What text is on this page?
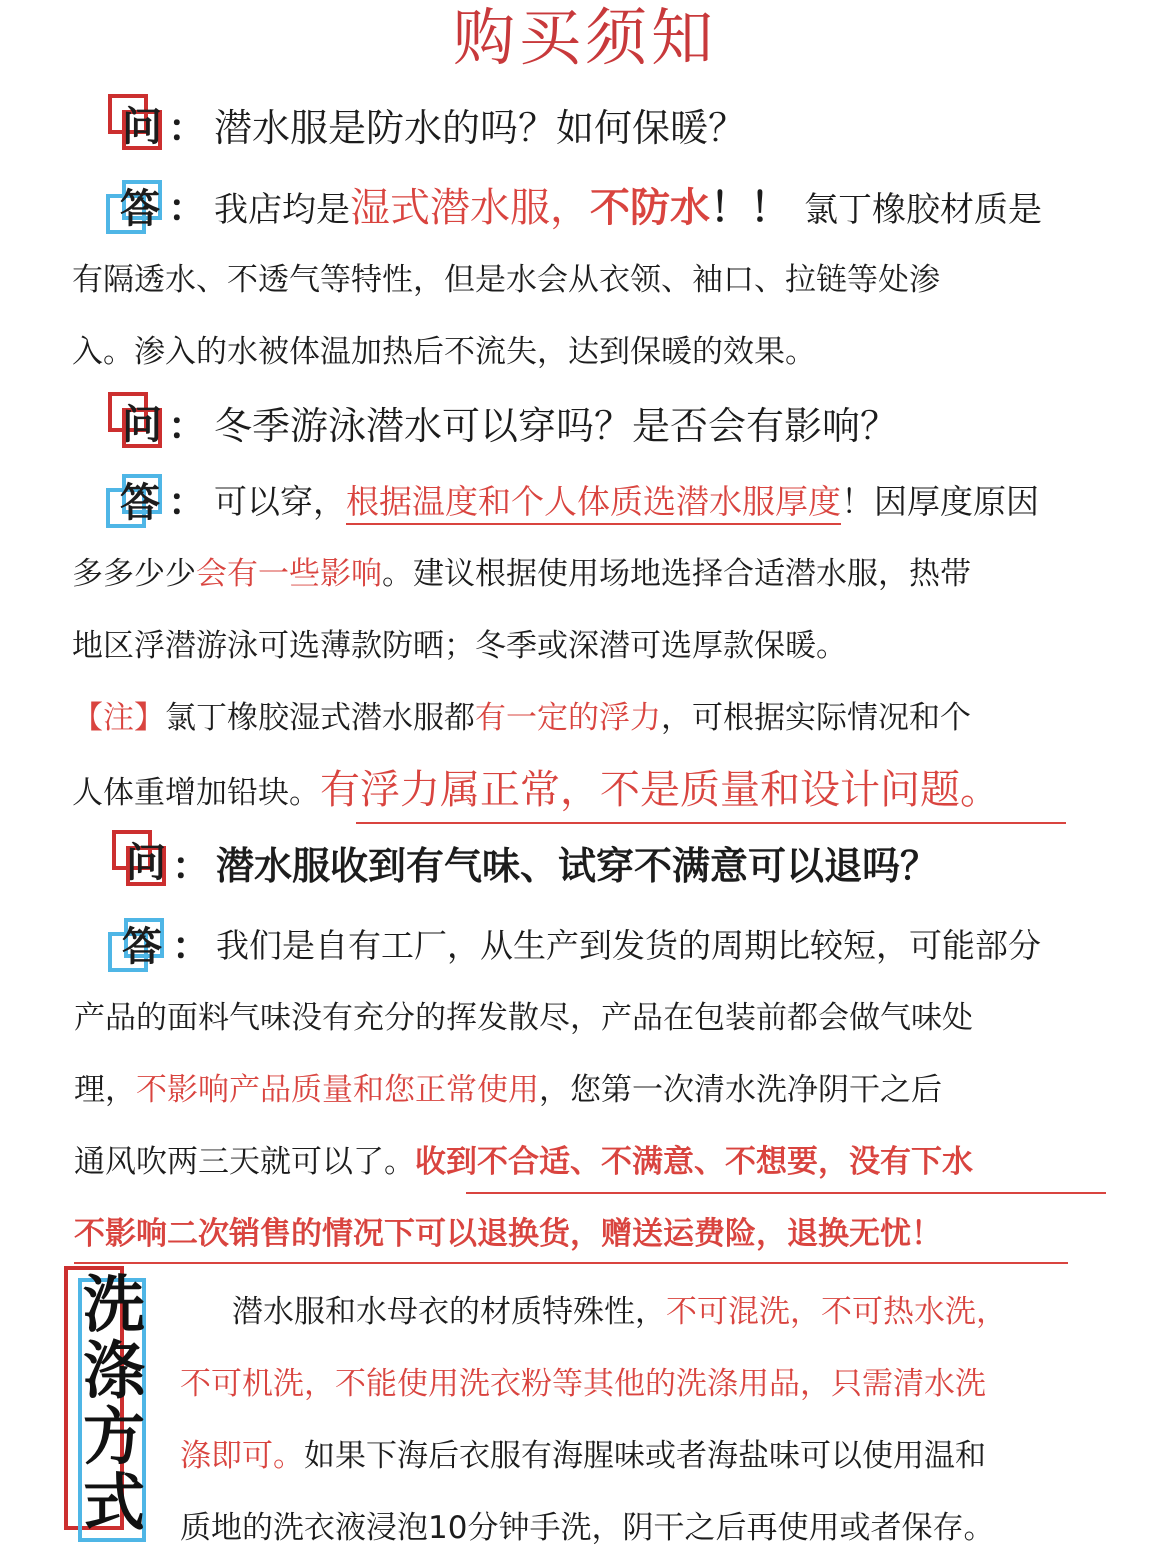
购买须知
问 ： 潜水服是防水的吗？如何保暖？
答 ： 我店均是湿式潜水服，不防水！！ 氯丁橡胶材质是
有隔透水、不透气等特性，但是水会从衣领、袖口、拉链等处渗
入。渗入的水被体温加热后不流失，达到保暖的效果。
问 ： 冬季游泳潜水可以穿吗？是否会有影响？
答 ： 可以穿，根据温度和个人体质选潜水服厚度！因厚度原因
多多少少会有一些影响。建议根据使用场地选择合适潜水服，热带
地区浮潜游泳可选薄款防晒；冬季或深潜可选厚款保暖。
【注】氯丁橡胶湿式潜水服都有一定的浮力，可根据实际情况和个
人体重增加铅块。有浮力属正常，不是质量和设计问题。
问 ： 潜水服收到有气味、试穿不满意可以退吗？
答 ： 我们是自有工厂，从生产到发货的周期比较短，可能部分
产品的面料气味没有充分的挥发散尽，产品在包装前都会做气味处
理，不影响产品质量和您正常使用，您第一次清水洗净阴干之后
通风吹两三天就可以了。收到不合适、不满意、不想要，没有下水
不影响二次销售的情况下可以退换货，赠送运费险，退换无忧！
洗
涤
方
式
潜水服和水母衣的材质特殊性，不可混洗，不可热水洗，
不可机洗，不能使用洗衣粉等其他的洗涤用品，只需清水洗
涤即可。如果下海后衣服有海腥味或者海盐味可以使用温和
质地的洗衣液浸泡10分钟手洗，阴干之后再使用或者保存。
